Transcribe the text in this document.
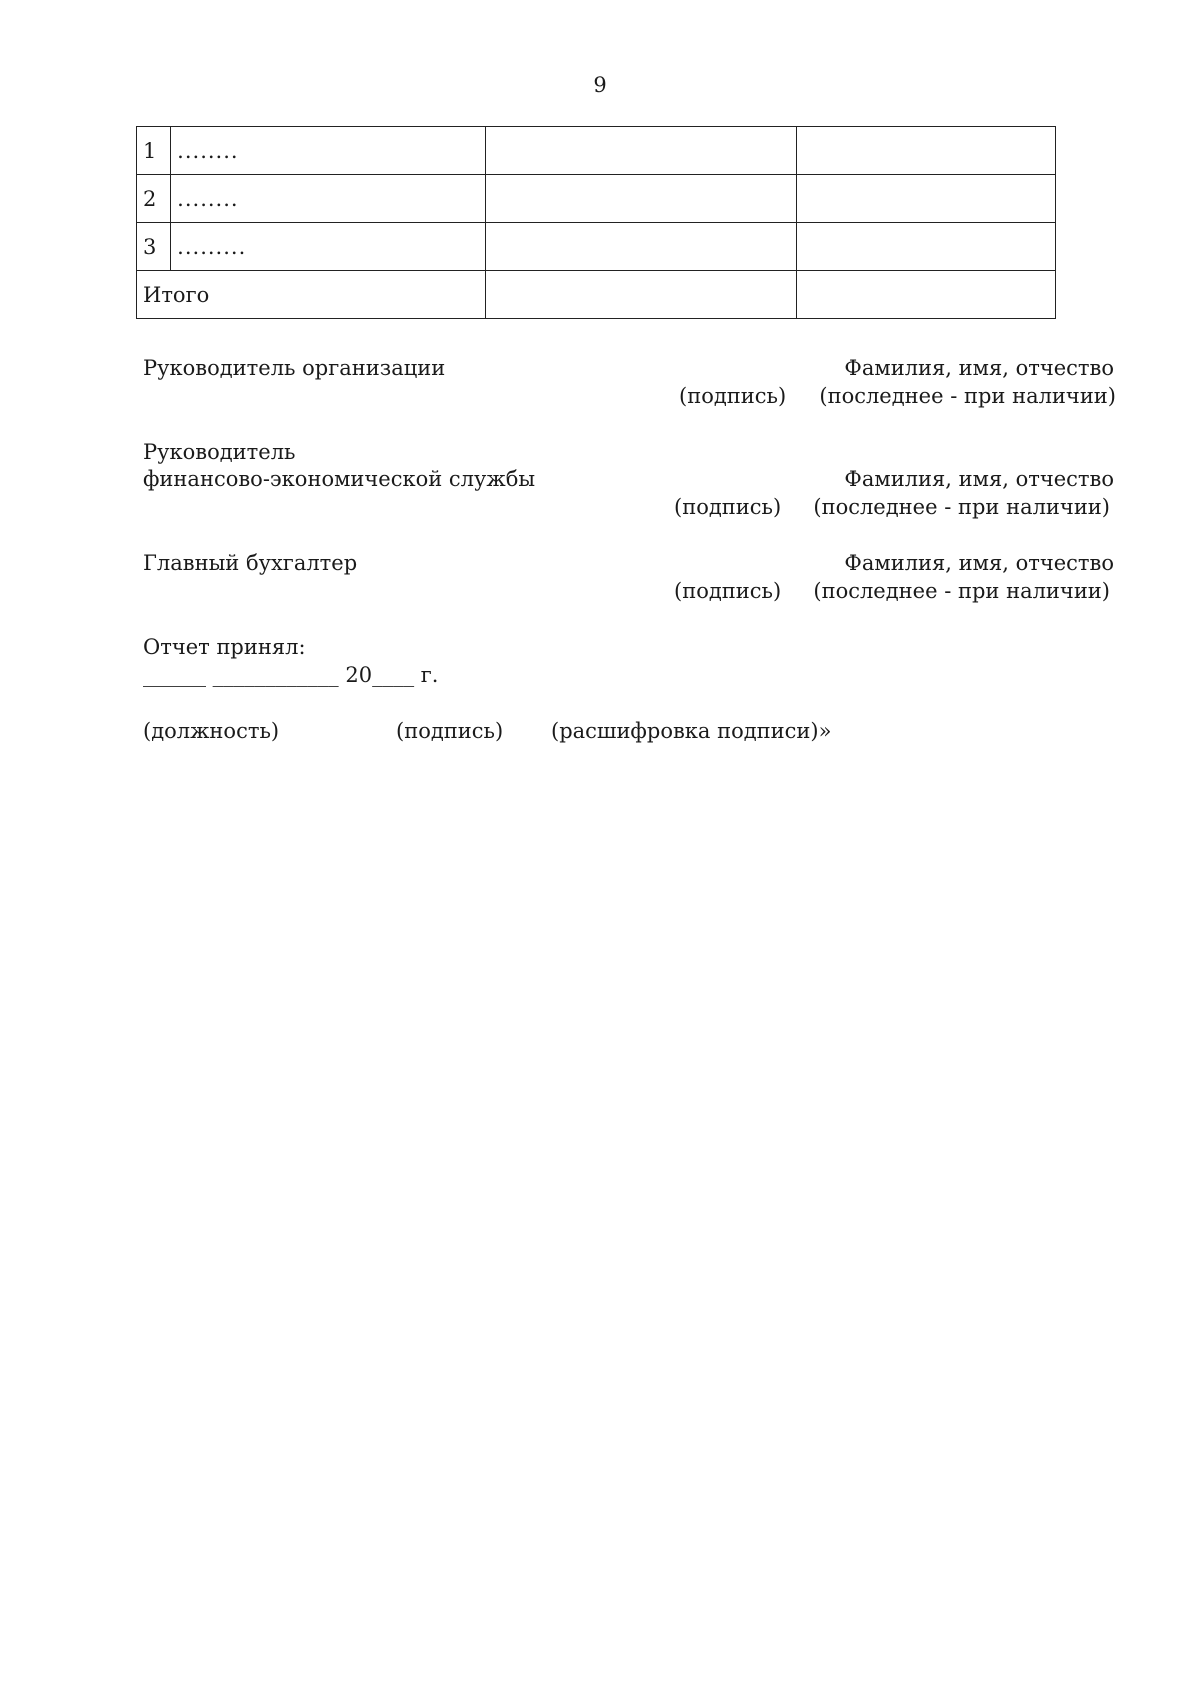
9
1	........		
2	........		
3	.........		
Итого			
Руководитель организации	Фамилия, имя, отчество
(подпись) (последнее - при наличии)
Руководитель
финансово-экономической службы	Фамилия, имя, отчество
(подпись) (последнее - при наличии)
Главный бухгалтер	Фамилия, имя, отчество
(подпись) (последнее - при наличии)
Отчет принял:
______ ____________ 20____ г.
(должность)	(подпись) (расшифровка подписи)»
